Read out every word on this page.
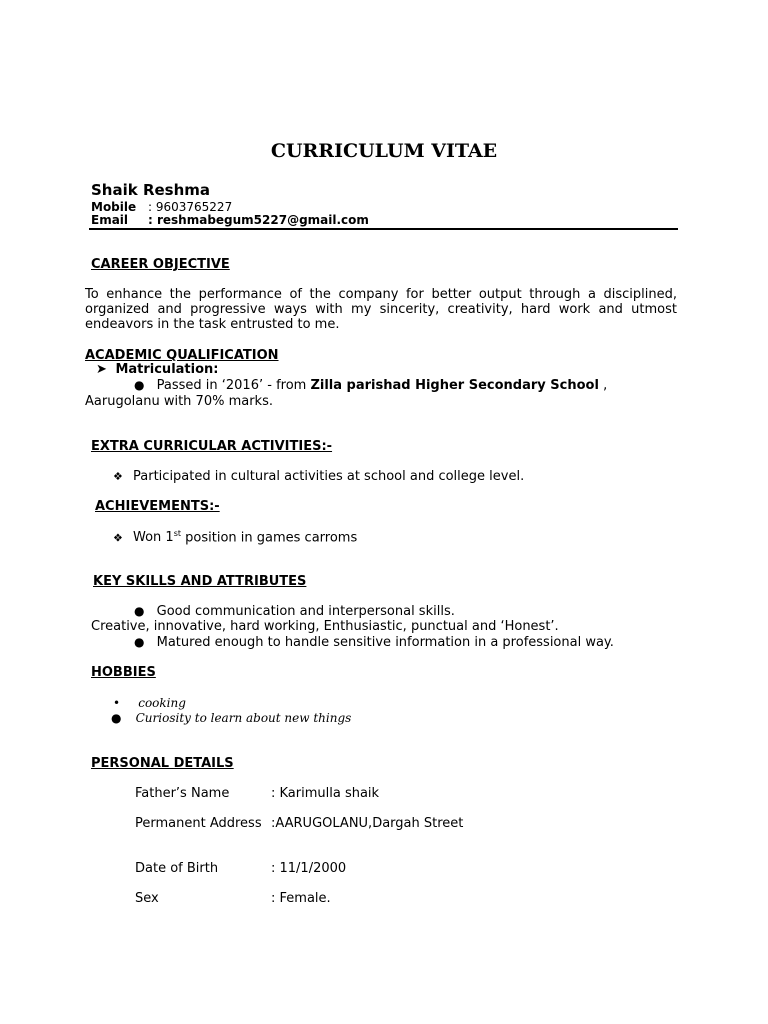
CURRICULUM VITAE
Shaik Reshma
Mobile : 9603765227
Email : reshmabegum5227@gmail.com
CAREER OBJECTIVE
To enhance the performance of the company for better output through a disciplined, organized and progressive ways with my sincerity, creativity, hard work and utmost endeavors in the task entrusted to me.
ACADEMIC QUALIFICATION
➤ Matriculation:
● Passed in ‘2016’ - from Zilla parishad Higher Secondary School ,
Aarugolanu with 70% marks.
EXTRA CURRICULAR ACTIVITIES:-
❖ Participated in cultural activities at school and college level.
ACHIEVEMENTS:-
❖ Won 1st position in games carroms
KEY SKILLS AND ATTRIBUTES
● Good communication and interpersonal skills.
Creative, innovative, hard working, Enthusiastic, punctual and ‘Honest’.
● Matured enough to handle sensitive information in a professional way.
HOBBIES
• cooking
● Curiosity to learn about new things
PERSONAL DETAILS
Father’s Name	: Karimulla shaik
Permanent Address :AARUGOLANU,Dargah Street
Date of Birth	: 11/1/2000
Sex	: Female.
